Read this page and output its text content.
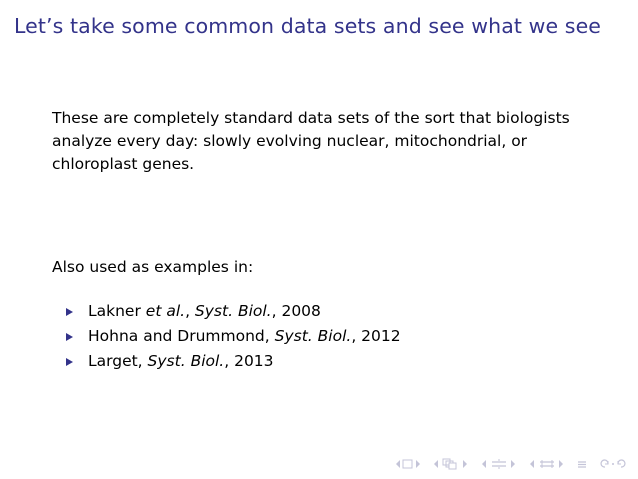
Let’s take some common data sets and see what we see

These are completely standard data sets of the sort that biologists
analyze every day: slowly evolving nuclear, mitochondrial, or
chloroplast genes.

Also used as examples in:

Lakner et al., Syst. Biol., 2008
Hohna and Drummond, Syst. Biol., 2012
Larget, Syst. Biol., 2013
